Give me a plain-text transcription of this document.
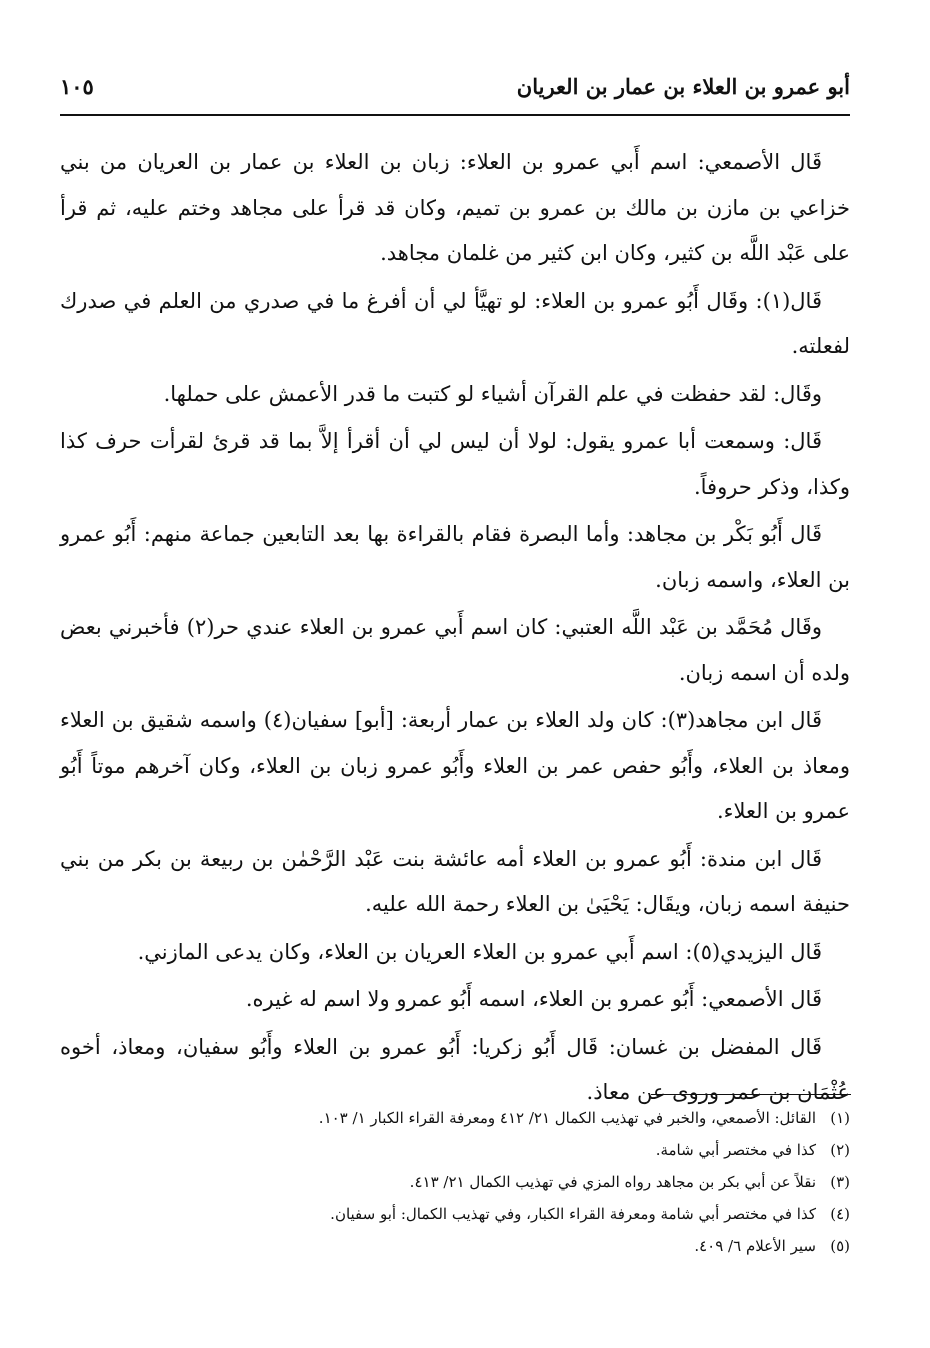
أبو عمرو بن العلاء بن عمار بن العريان
١٠٥

قَال الأصمعي: اسم أَبي عمرو بن العلاء: زبان بن العلاء بن عمار بن العريان من بني خزاعي بن مازن بن مالك بن عمرو بن تميم، وكان قد قرأ على مجاهد وختم عليه، ثم قرأ على عَبْد اللَّه بن كثير، وكان ابن كثير من غلمان مجاهد.

قَال(١): وقَال أَبُو عمرو بن العلاء: لو تهيَّأ لي أن أفرغ ما في صدري من العلم في صدرك لفعلته.

وقَال: لقد حفظت في علم القرآن أشياء لو كتبت ما قدر الأعمش على حملها.

قَال: وسمعت أبا عمرو يقول: لولا أن ليس لي أن أقرأ إلاَّ بما قد قرئ لقرأت حرف كذا وكذا، وذكر حروفاً.

قَال أَبُو بَكْر بن مجاهد: وأما البصرة فقام بالقراءة بها بعد التابعين جماعة منهم: أَبُو عمرو بن العلاء، واسمه زبان.

وقَال مُحَمَّد بن عَبْد اللَّه العتبي: كان اسم أَبي عمرو بن العلاء عندي حر(٢) فأخبرني بعض ولده أن اسمه زبان.

قَال ابن مجاهد(٣): كان ولد العلاء بن عمار أربعة: [أبو] سفيان(٤) واسمه شقيق بن العلاء ومعاذ بن العلاء، وأَبُو حفص عمر بن العلاء وأَبُو عمرو زبان بن العلاء، وكان آخرهم موتاً أَبُو عمرو بن العلاء.

قَال ابن مندة: أَبُو عمرو بن العلاء أمه عائشة بنت عَبْد الرَّحْمٰن بن ربيعة بن بكر من بني حنيفة اسمه زبان، ويقَال: يَحْيَىٰ بن العلاء رحمة الله عليه.

قَال اليزيدي(٥): اسم أَبي عمرو بن العلاء العريان بن العلاء، وكان يدعى المازني.

قَال الأصمعي: أَبُو عمرو بن العلاء، اسمه أَبُو عمرو ولا اسم له غيره.

قَال المفضل بن غسان: قَال أَبُو زكريا: أَبُو عمرو بن العلاء وأَبُو سفيان، ومعاذ، أخوه عُثْمَان بن عمر وروى عن معاذ.

(١)القائل: الأصمعي، والخبر في تهذيب الكمال ٢١/ ٤١٢ ومعرفة القراء الكبار ١/ ١٠٣.

(٢)كذا في مختصر أبي شامة.

(٣)نقلاً عن أبي بكر بن مجاهد رواه المزي في تهذيب الكمال ٢١/ ٤١٣.

(٤)كذا في مختصر أبي شامة ومعرفة القراء الكبار، وفي تهذيب الكمال: أبو سفيان.

(٥)سير الأعلام ٦/ ٤٠٩.
